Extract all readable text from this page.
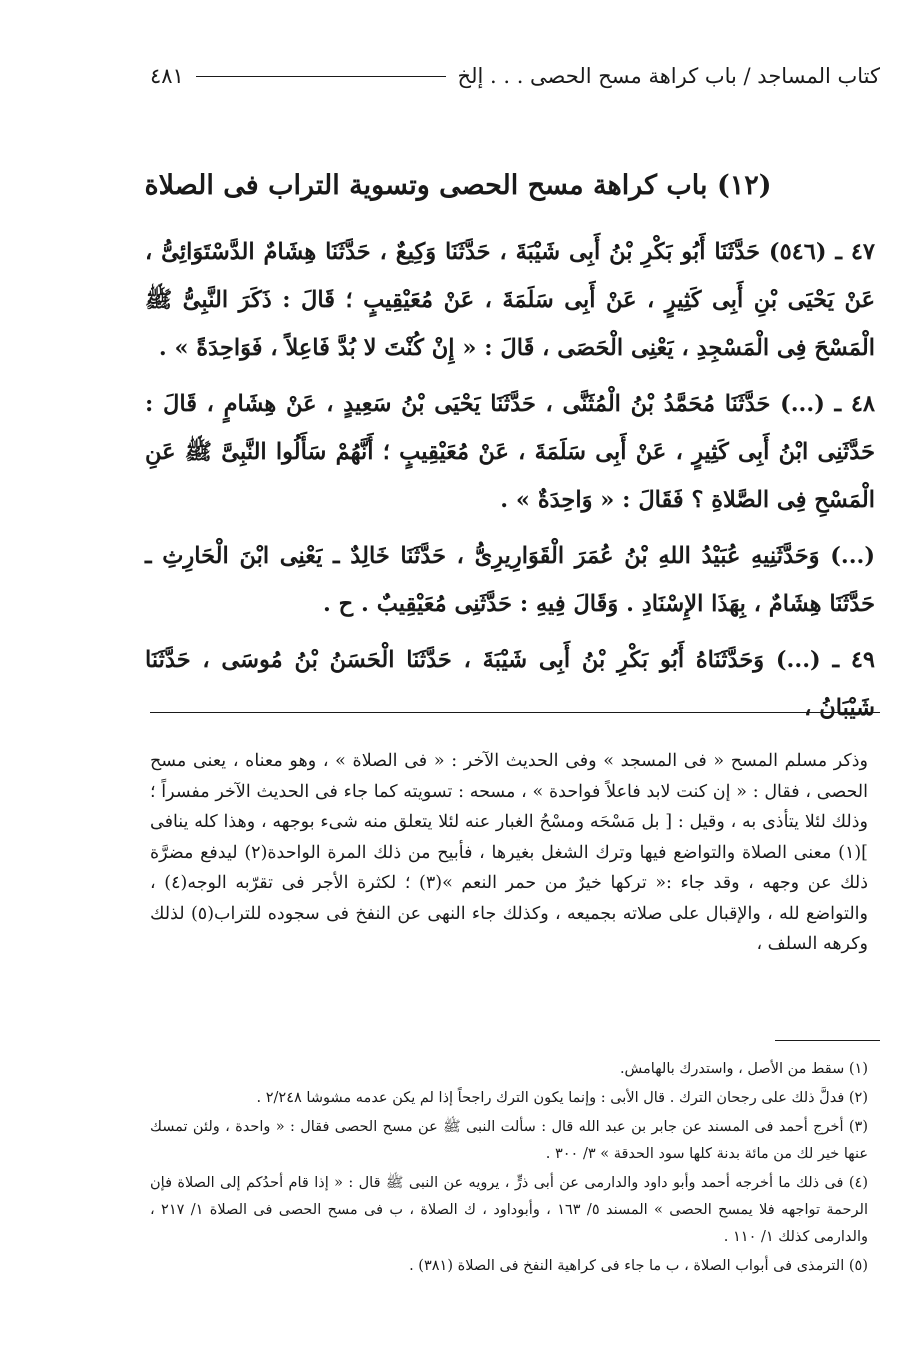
كتاب المساجد / باب كراهة مسح الحصى . . . إلخ
٤٨١
(١٢) باب كراهة مسح الحصى وتسوية التراب فى الصلاة

٤٧ ـ (٥٤٦) حَدَّثَنَا أَبُو بَكْرِ بْنُ أَبِى شَيْبَةَ ، حَدَّثَنَا وَكِيعٌ ، حَدَّثَنَا هِشَامٌ الدَّسْتَوَائِىُّ ، عَنْ يَحْيَى بْنِ أَبِى كَثِيرٍ ، عَنْ أَبِى سَلَمَةَ ، عَنْ مُعَيْقِيبٍ ؛ قَالَ : ذَكَرَ النَّبِىُّ ﷺ الْمَسْحَ فِى الْمَسْجِدِ ، يَعْنِى الْحَصَى ، قَالَ : « إِنْ كُنْتَ لا بُدَّ فَاعِلاً ، فَوَاحِدَةً » .

٤٨ ـ (...) حَدَّثَنَا مُحَمَّدُ بْنُ الْمُثَنَّى ، حَدَّثَنَا يَحْيَى بْنُ سَعِيدٍ ، عَنْ هِشَامٍ ، قَالَ : حَدَّثَنِى ابْنُ أَبِى كَثِيرٍ ، عَنْ أَبِى سَلَمَةَ ، عَنْ مُعَيْقِيبٍ ؛ أَنَّهُمْ سَأَلُوا النَّبِىَّ ﷺ عَنِ الْمَسْحِ فِى الصَّلاةِ ؟ فَقَالَ : « وَاحِدَةٌ » .

(...) وَحَدَّثَنِيهِ عُبَيْدُ اللهِ بْنُ عُمَرَ الْقَوَارِيرِىُّ ، حَدَّثَنَا خَالِدٌ ـ يَعْنِى ابْنَ الْحَارِثِ ـ حَدَّثَنَا هِشَامٌ ، بِهَذَا الإِسْنَادِ . وَقَالَ فِيهِ : حَدَّثَنِى مُعَيْقِيبٌ . ح .

٤٩ ـ (...) وَحَدَّثَنَاهُ أَبُو بَكْرِ بْنُ أَبِى شَيْبَةَ ، حَدَّثَنَا الْحَسَنُ بْنُ مُوسَى ، حَدَّثَنَا شَيْبَانُ ،

وذكر مسلم المسح « فى المسجد » وفى الحديث الآخر : « فى الصلاة » ، وهو معناه ، يعنى مسح الحصى ، فقال : « إن كنت لابد فاعلاً فواحدة » ، مسحه : تسويته كما جاء فى الحديث الآخر مفسراً ؛ وذلك لئلا يتأذى به ، وقيل : [ بل مَسْحَه ومسْحُ الغبار عنه لئلا يتعلق منه شىء بوجهه ، وهذا كله ينافى ](١) معنى الصلاة والتواضع فيها وترك الشغل بغيرها ، فأبيح من ذلك المرة الواحدة(٢) ليدفع مضرَّة ذلك عن وجهه ، وقد جاء :« تركها خيرٌ من حمر النعم »(٣) ؛ لكثرة الأجر فى تقرّبه الوجه(٤) ، والتواضع لله ، والإقبال على صلاته بجميعه ، وكذلك جاء النهى عن النفخ فى سجوده للتراب(٥) لذلك وكرهه السلف ،

(١) سقط من الأصل ، واستدرك بالهامش.

(٢) فدلَّ ذلك على رجحان الترك . قال الأبى : وإنما يكون الترك راجحاً إذا لم يكن عدمه مشوشا ٢/٢٤٨ .

(٣) أخرج أحمد فى المسند عن جابر بن عبد الله قال : سألت النبى ﷺ عن مسح الحصى فقال : « واحدة ، ولئن تمسك عنها خير لك من مائة بدنة كلها سود الحدقة » ٣/ ٣٠٠ .

(٤) فى ذلك ما أخرجه أحمد وأبو داود والدارمى عن أبى ذرٍّ ، يرويه عن النبى ﷺ قال : « إذا قام أحدُكم إلى الصلاة فإن الرحمة تواجهه فلا يمسح الحصى » المسند ٥/ ١٦٣ ، وأبوداود ، ك الصلاة ، ب فى مسح الحصى فى الصلاة ١/ ٢١٧ ، والدارمى كذلك ١/ ١١٠ .

(٥) الترمذى فى أبواب الصلاة ، ب ما جاء فى كراهية النفخ فى الصلاة (٣٨١) .
